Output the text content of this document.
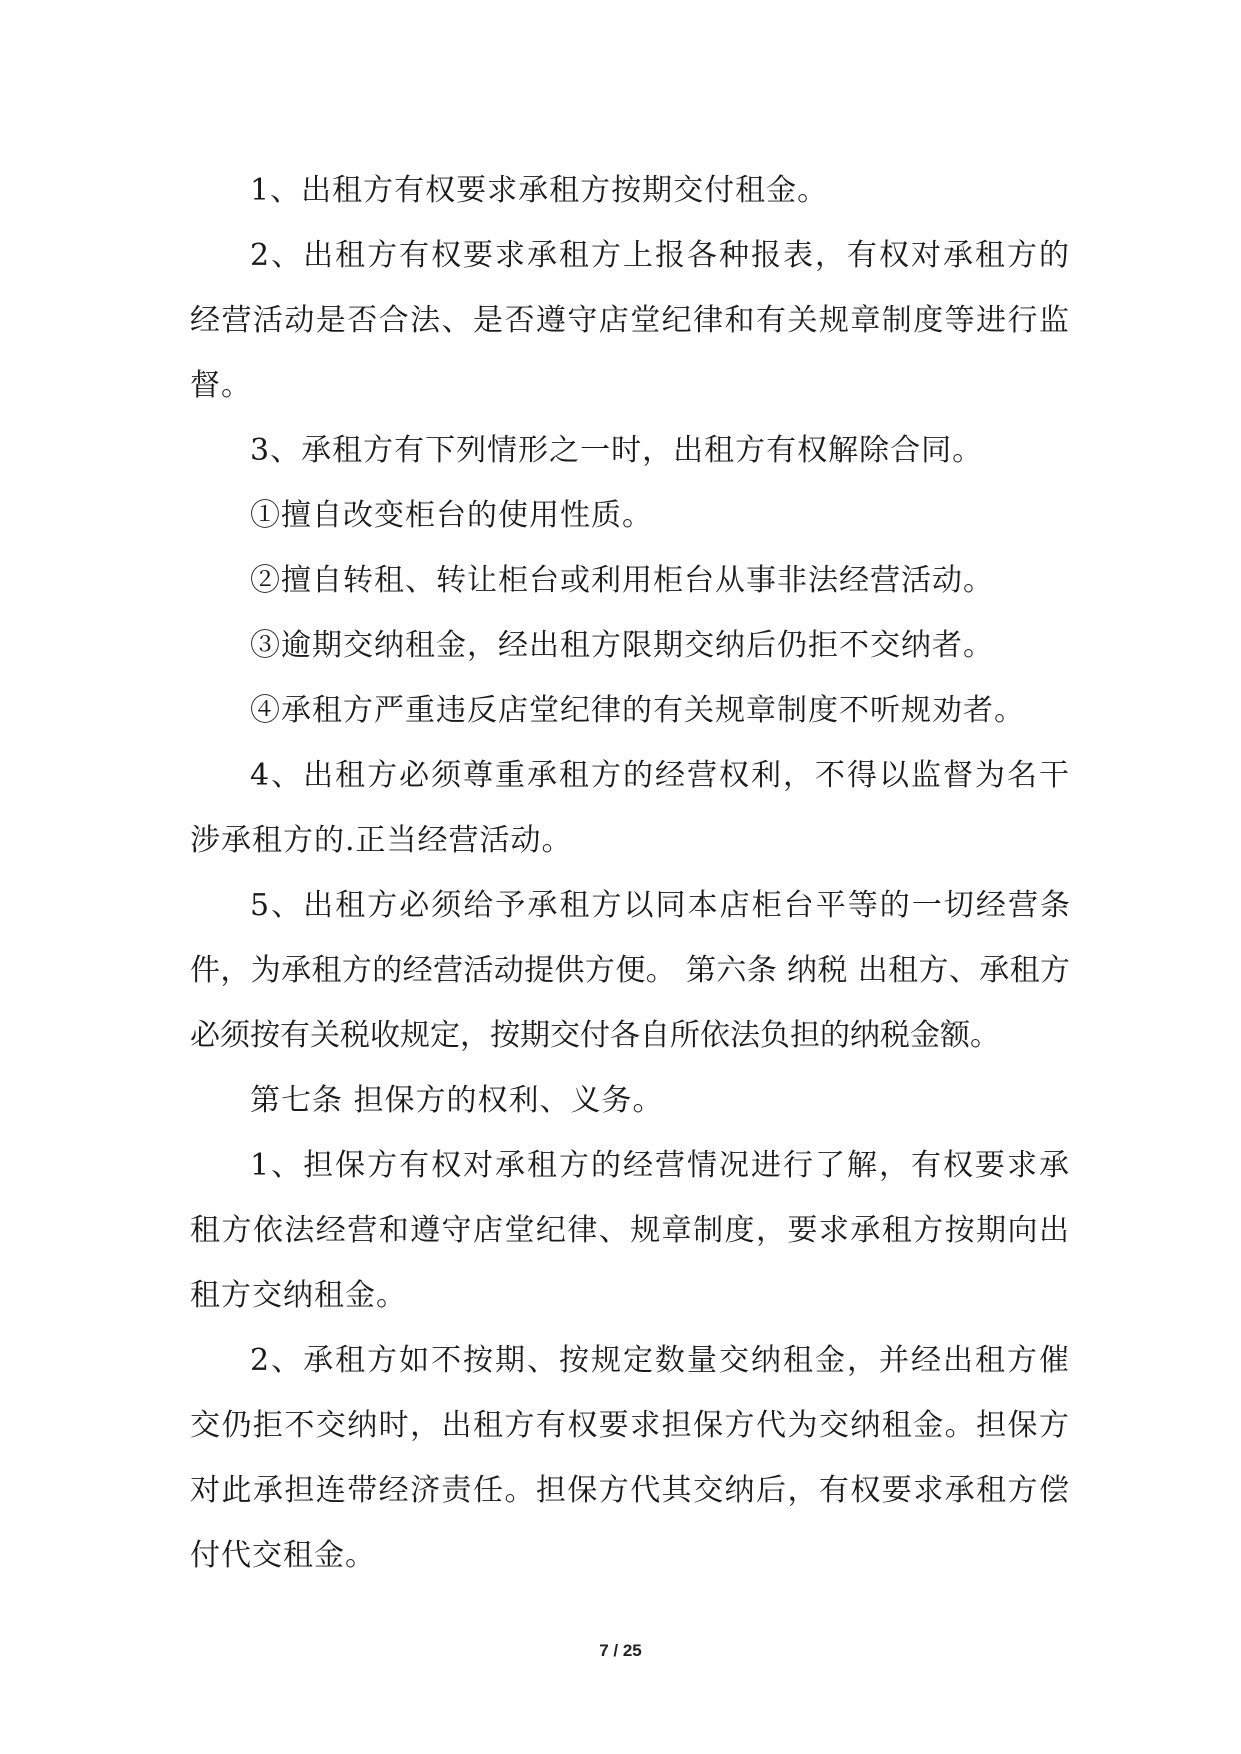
1、出租方有权要求承租方按期交付租金。

2、出租方有权要求承租方上报各种报表，有权对承租方的经营活动是否合法、是否遵守店堂纪律和有关规章制度等进行监督。

3、承租方有下列情形之一时，出租方有权解除合同。

①擅自改变柜台的使用性质。

②擅自转租、转让柜台或利用柜台从事非法经营活动。

③逾期交纳租金，经出租方限期交纳后仍拒不交纳者。

④承租方严重违反店堂纪律的有关规章制度不听规劝者。

4、出租方必须尊重承租方的经营权利，不得以监督为名干涉承租方的.正当经营活动。

5、出租方必须给予承租方以同本店柜台平等的一切经营条件，为承租方的经营活动提供方便。 第六条 纳税 出租方、承租方必须按有关税收规定，按期交付各自所依法负担的纳税金额。

第七条 担保方的权利、义务。

1、担保方有权对承租方的经营情况进行了解，有权要求承租方依法经营和遵守店堂纪律、规章制度，要求承租方按期向出租方交纳租金。

2、承租方如不按期、按规定数量交纳租金，并经出租方催交仍拒不交纳时，出租方有权要求担保方代为交纳租金。担保方对此承担连带经济责任。担保方代其交纳后，有权要求承租方偿付代交租金。

7 / 25
